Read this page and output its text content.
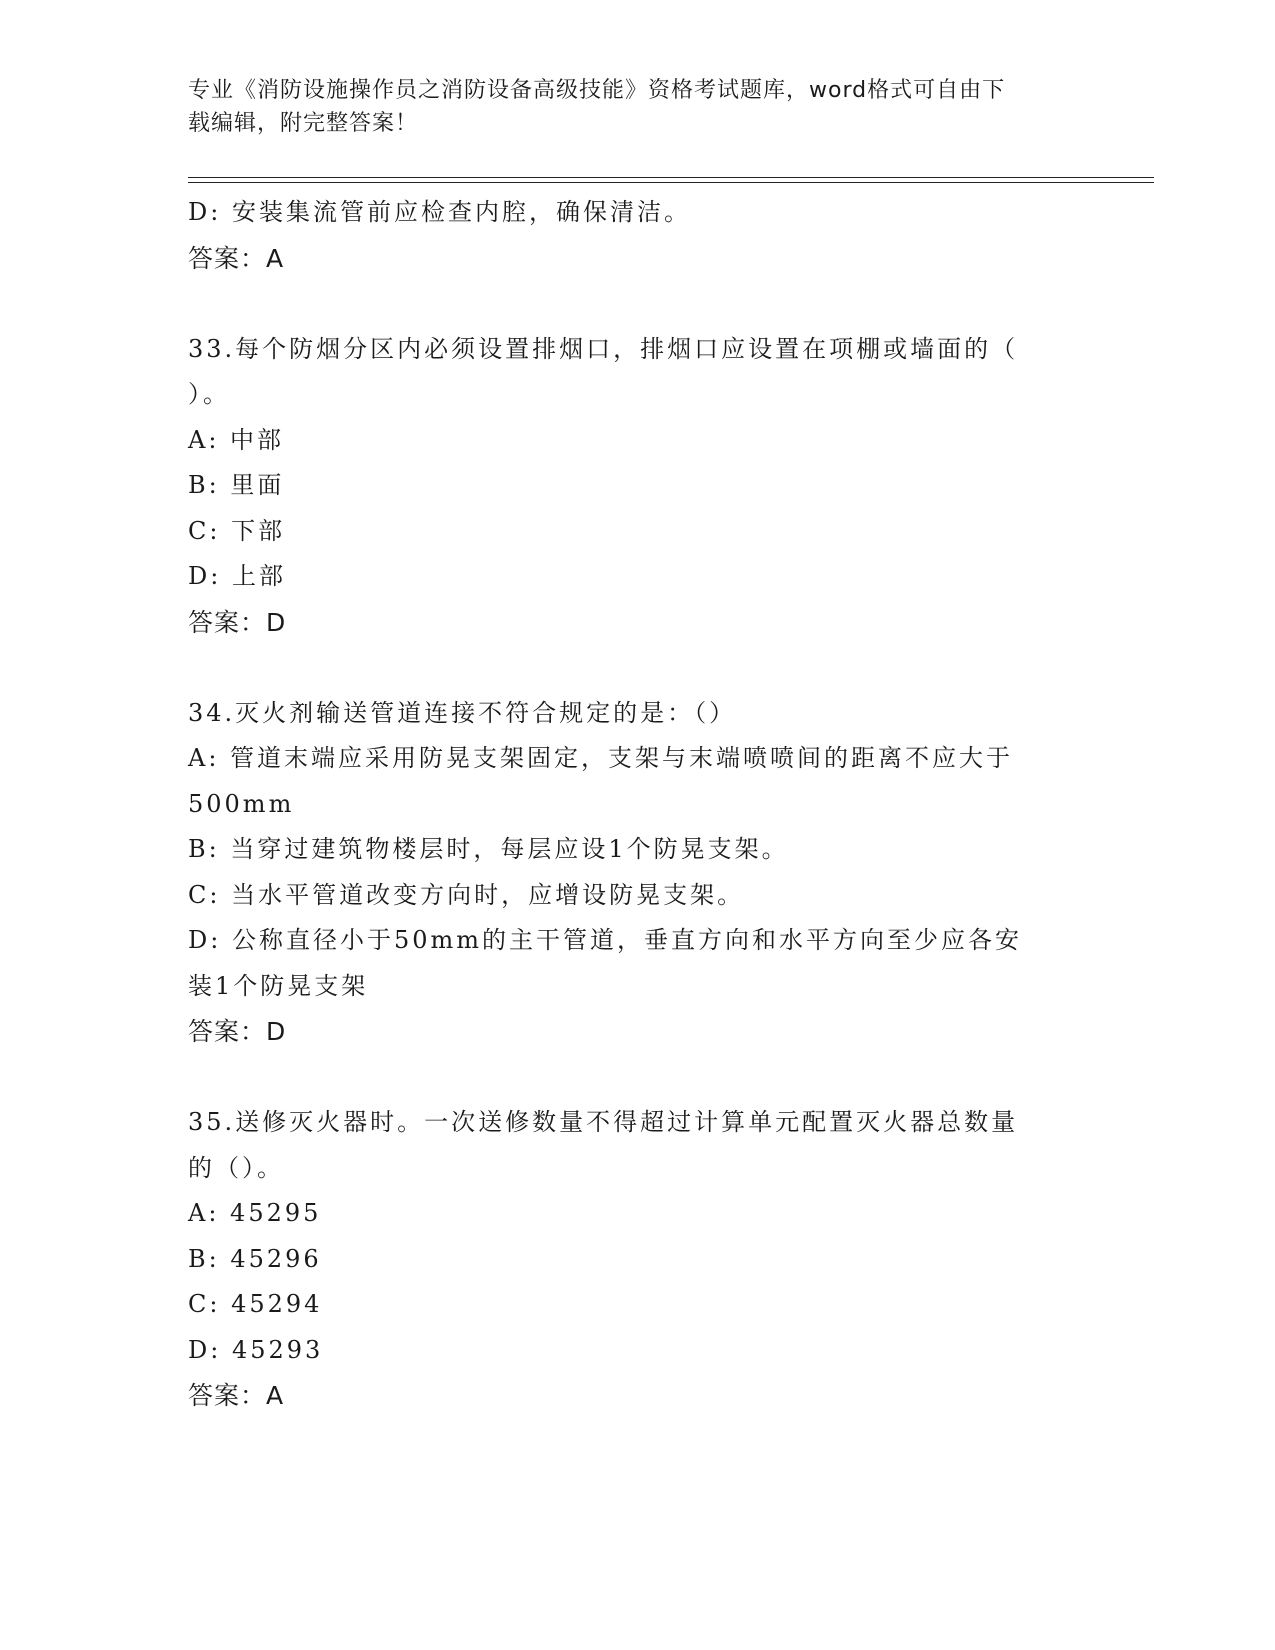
专业《消防设施操作员之消防设备高级技能》资格考试题库，word格式可自由下
载编辑，附完整答案！
D: 安装集流管前应检查内腔，确保清洁。
答案：A
33.每个防烟分区内必须设置排烟口，排烟口应设置在项棚或墙面的（
）。
A: 中部
B: 里面
C: 下部
D: 上部
答案：D
34.灭火剂输送管道连接不符合规定的是：（）
A: 管道末端应采用防晃支架固定，支架与末端喷喷间的距离不应大于
500mm
B: 当穿过建筑物楼层时，每层应设1个防晃支架。
C: 当水平管道改变方向时，应增设防晃支架。
D: 公称直径小于50mm的主干管道，垂直方向和水平方向至少应各安
装1个防晃支架
答案：D
35.送修灭火器时。一次送修数量不得超过计算单元配置灭火器总数量
的（）。
A: 45295
B: 45296
C: 45294
D: 45293
答案：A
